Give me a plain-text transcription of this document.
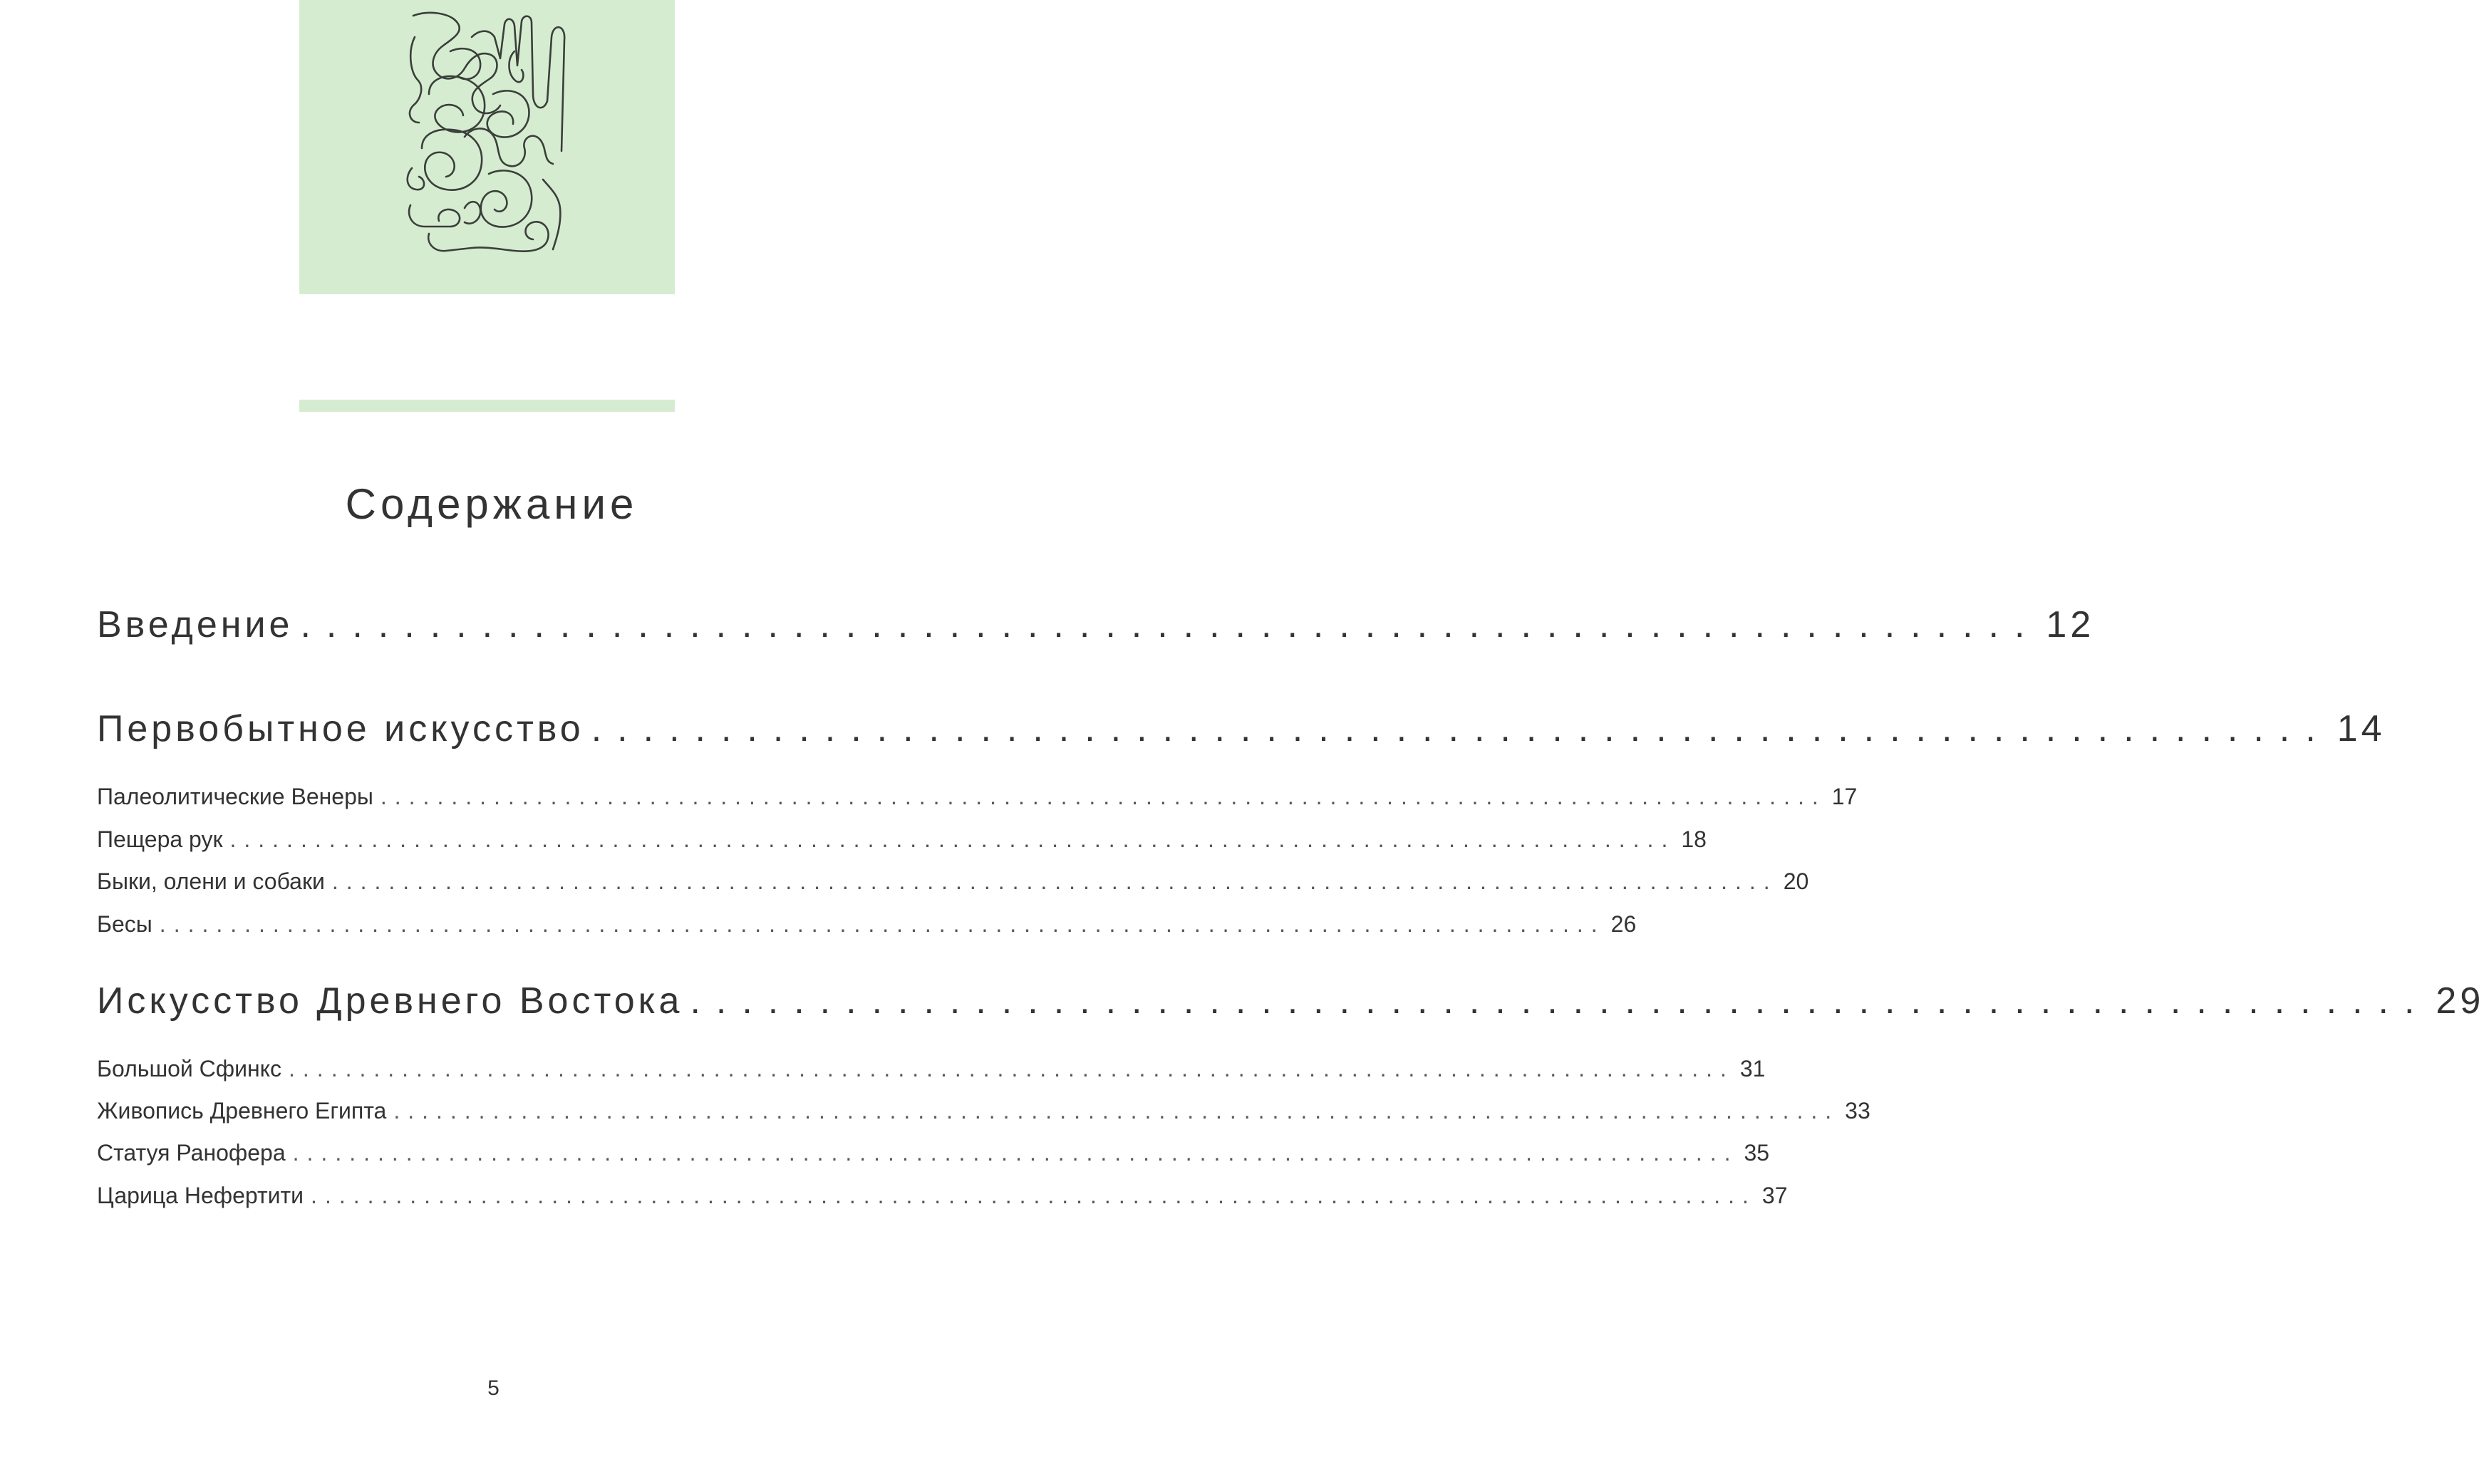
Содержание
Введение ................................................................... 12
Первобытное искусство ................................................................... 14
Палеолитические Венеры ...................................................................................................... 17
Пещера рук ...................................................................................................... 18
Быки, олени и собаки ...................................................................................................... 20
Бесы ...................................................................................................... 26
Искусство Древнего Востока ................................................................... 29
Большой Сфинкс ...................................................................................................... 31
Живопись Древнего Египта ...................................................................................................... 33
Статуя Ранофера ...................................................................................................... 35
Царица Нефертити ...................................................................................................... 37
5
